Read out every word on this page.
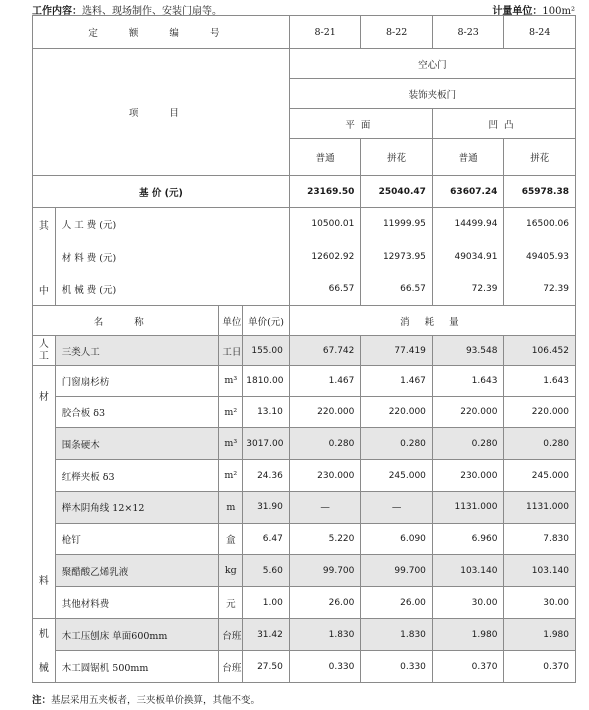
工作内容：选料、现场制作、安装门扇等。	计量单位：100m²
定 额 编 号				8-21	8-22	8-23	8-24
项 目				空心门			
				装饰夹板门			
				平面		凹凸	
				普通	拼花	普通	拼花
基 价 (元)				23169.50	25040.47	63607.24	65978.38
其	人 工 费 (元)			10500.01	11999.95	14499.94	16500.06
	材 料 费 (元)			12602.92	12973.95	49034.91	49405.93
中	机 械 费 (元)			66.57	66.57	72.39	72.39
名 称		单位	单价(元)	消 耗 量			
人
工	三类人工	工日	155.00	67.742	77.419	93.548	106.452

材
料	门窗扇杉枋	m³	1810.00	1.467	1.467	1.643	1.643
	胶合板 δ3	m²	13.10	220.000	220.000	220.000	220.000
	围条硬木	m³	3017.00	0.280	0.280	0.280	0.280
	红榉夹板 δ3	m²	24.36	230.000	245.000	230.000	245.000
	榉木阴角线 12×12	m	31.90	—	—	1131.000	1131.000
	枪钉	盒	6.47	5.220	6.090	6.960	7.830
	聚醋酸乙烯乳液	kg	5.60	99.700	99.700	103.140	103.140
	其他材料费	元	1.00	26.00	26.00	30.00	30.00

机
械	木工压刨床 单面600mm	台班	31.42	1.830	1.830	1.980	1.980
	木工圆锯机 500mm	台班	27.50	0.330	0.330	0.370	0.370
注：基层采用五夹板者，三夹板单价换算，其他不变。
